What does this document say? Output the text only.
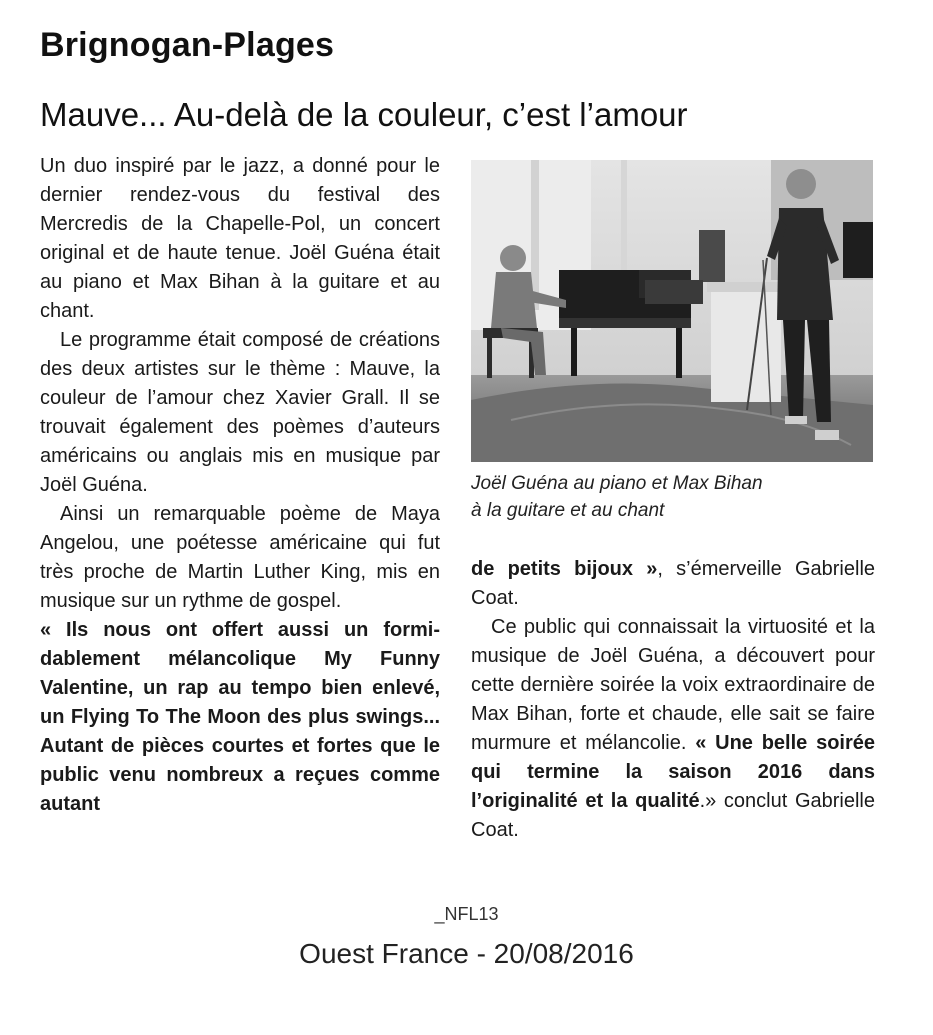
Brignogan-Plages
Mauve... Au-delà de la couleur, c’est l’amour

Un duo inspiré par le jazz, a donné pour le dernier rendez-vous du festival des Mercredis de la Chapelle-Pol, un concert original et de haute tenue. Joël Guéna était au piano et Max Bihan à la guitare et au chant.

Le programme était composé de créations des deux artistes sur le thème : Mauve, la couleur de l’amour chez Xavier Grall. Il se trouvait également des poèmes d’auteurs américains ou anglais mis en musique par Joël Guéna.

Ainsi un remarquable poème de Maya Angelou, une poétesse américaine qui fut très proche de Martin Luther King, mis en musique sur un rythme de gospel.

« Ils nous ont offert aussi un formidablement mélancolique My Funny Valentine, un rap au tempo bien enlevé, un Flying To The Moon des plus swings... Autant de pièces courtes et fortes que le public venu nombreux a reçues comme autant

Joël Guéna au piano et Max Bihan
à la guitare et au chant

de petits bijoux », s’émerveille Gabrielle Coat.

Ce public qui connaissait la virtuosité et la musique de Joël Guéna, a découvert pour cette dernière soirée la voix extraordinaire de Max Bihan, forte et chaude, elle sait se faire murmure et mélancolie. « Une belle soirée qui termine la saison 2016 dans l’originalité et la qualité.» conclut Gabrielle Coat.

_NFL13

Ouest France - 20/08/2016
